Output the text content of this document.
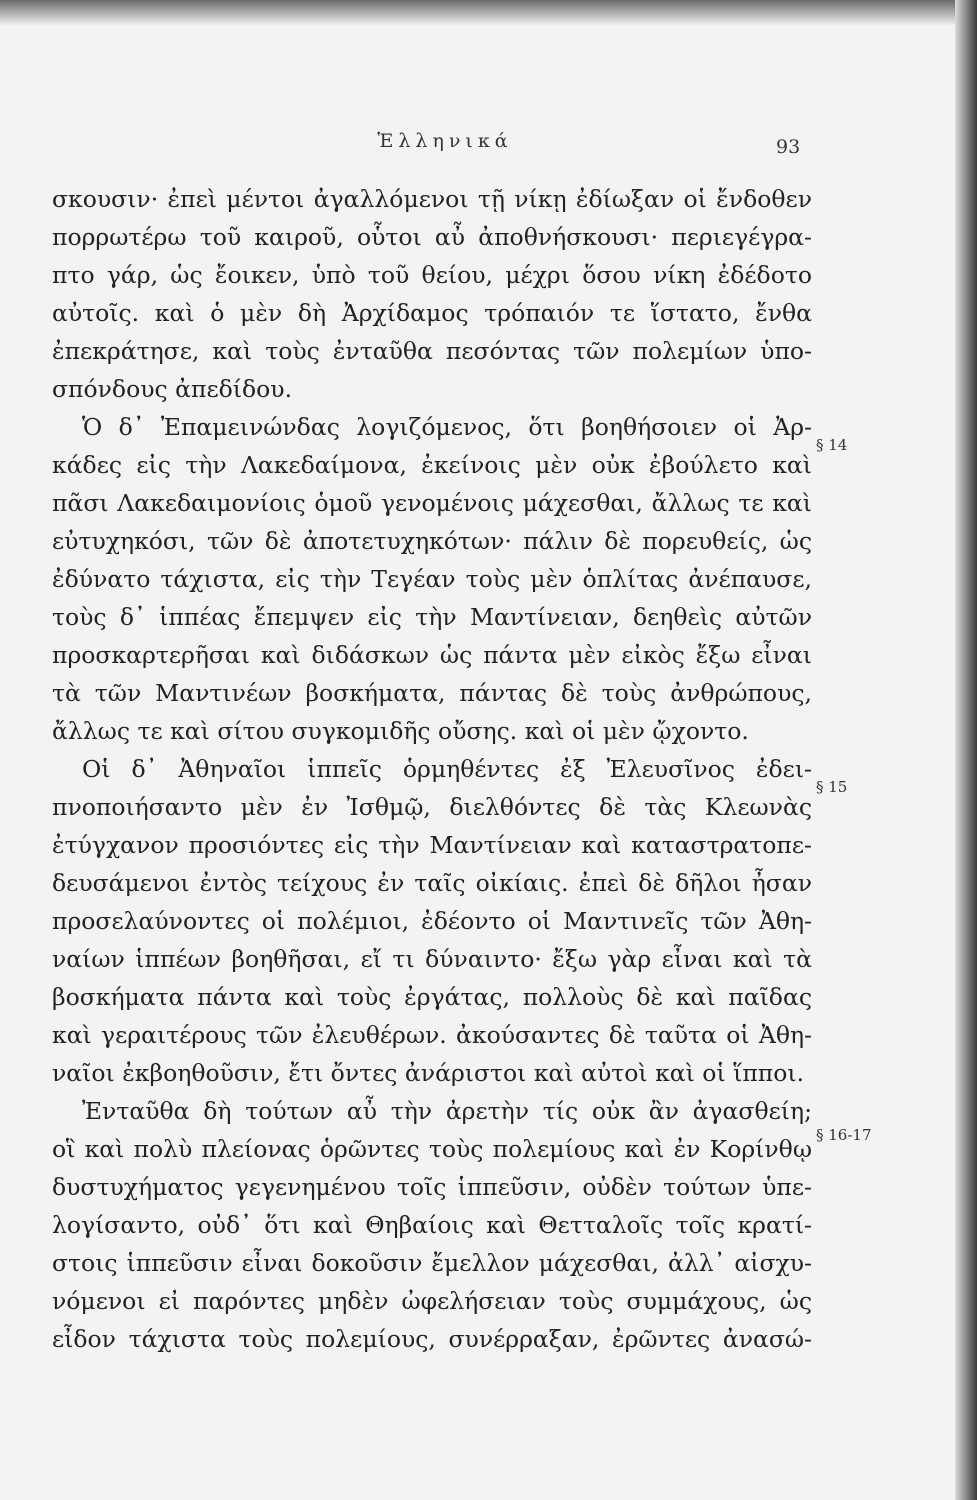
Ἑλληνικά	93
σκουσιν· ἐπεὶ μέντοι ἀγαλλόμενοι τῇ νίκῃ ἐδίωξαν οἱ ἔνδοθεν
πορρωτέρω τοῦ καιροῦ, οὗτοι αὖ ἀποθνήσκουσι· περιεγέγρα-
πτο γάρ, ὡς ἔοικεν, ὑπὸ τοῦ θείου, μέχρι ὅσου νίκη ἐδέδοτο
αὐτοῖς. καὶ ὁ μὲν δὴ Ἀρχίδαμος τρόπαιόν τε ἵστατο, ἔνθα
ἐπεκράτησε, καὶ τοὺς ἐνταῦθα πεσόντας τῶν πολεμίων ὑπο-
σπόνδους ἀπεδίδου.
Ὁ δ᾽ Ἐπαμεινώνδας λογιζόμενος, ὅτι βοηθήσοιεν οἱ Ἀρ-
κάδες εἰς τὴν Λακεδαίμονα, ἐκείνοις μὲν οὐκ ἐβούλετο καὶ
πᾶσι Λακεδαιμονίοις ὁμοῦ γενομένοις μάχεσθαι, ἄλλως τε καὶ
εὐτυχηκόσι, τῶν δὲ ἀποτετυχηκότων· πάλιν δὲ πορευθείς, ὡς
ἐδύνατο τάχιστα, εἰς τὴν Τεγέαν τοὺς μὲν ὁπλίτας ἀνέπαυσε,
τοὺς δ᾽ ἱππέας ἔπεμψεν εἰς τὴν Μαντίνειαν, δεηθεὶς αὐτῶν
προσκαρτερῆσαι καὶ διδάσκων ὡς πάντα μὲν εἰκὸς ἔξω εἶναι
τὰ τῶν Μαντινέων βοσκήματα, πάντας δὲ τοὺς ἀνθρώπους,
ἄλλως τε καὶ σίτου συγκομιδῆς οὔσης. καὶ οἱ μὲν ᾤχοντο.
Οἱ δ᾽ Ἀθηναῖοι ἱππεῖς ὁρμηθέντες ἐξ Ἐλευσῖνος ἐδει-
πνοποιήσαντο μὲν ἐν Ἰσθμῷ, διελθόντες δὲ τὰς Κλεωνὰς
ἐτύγχανον προσιόντες εἰς τὴν Μαντίνειαν καὶ καταστρατοπε-
δευσάμενοι ἐντὸς τείχους ἐν ταῖς οἰκίαις. ἐπεὶ δὲ δῆλοι ἦσαν
προσελαύνοντες οἱ πολέμιοι, ἐδέοντο οἱ Μαντινεῖς τῶν Ἀθη-
ναίων ἱππέων βοηθῆσαι, εἴ τι δύναιντο· ἔξω γὰρ εἶναι καὶ τὰ
βοσκήματα πάντα καὶ τοὺς ἐργάτας, πολλοὺς δὲ καὶ παῖδας
καὶ γεραιτέρους τῶν ἐλευθέρων. ἀκούσαντες δὲ ταῦτα οἱ Ἀθη-
ναῖοι ἐκβοηθοῦσιν, ἔτι ὄντες ἀνάριστοι καὶ αὐτοὶ καὶ οἱ ἵπποι.
Ἐνταῦθα δὴ τούτων αὖ τὴν ἀρετὴν τίς οὐκ ἂν ἀγασθείη;
οἳ καὶ πολὺ πλείονας ὁρῶντες τοὺς πολεμίους καὶ ἐν Κορίνθῳ
δυστυχήματος γεγενημένου τοῖς ἱππεῦσιν, οὐδὲν τούτων ὑπε-
λογίσαντο, οὐδ᾽ ὅτι καὶ Θηβαίοις καὶ Θετταλοῖς τοῖς κρατί-
στοις ἱππεῦσιν εἶναι δοκοῦσιν ἔμελλον μάχεσθαι, ἀλλ᾽ αἰσχυ-
νόμενοι εἰ παρόντες μηδὲν ὠφελήσειαν τοὺς συμμάχους, ὡς
εἶδον τάχιστα τοὺς πολεμίους, συνέρραξαν, ἐρῶντες ἀνασώ-
§ 14
§ 15
§ 16-17
